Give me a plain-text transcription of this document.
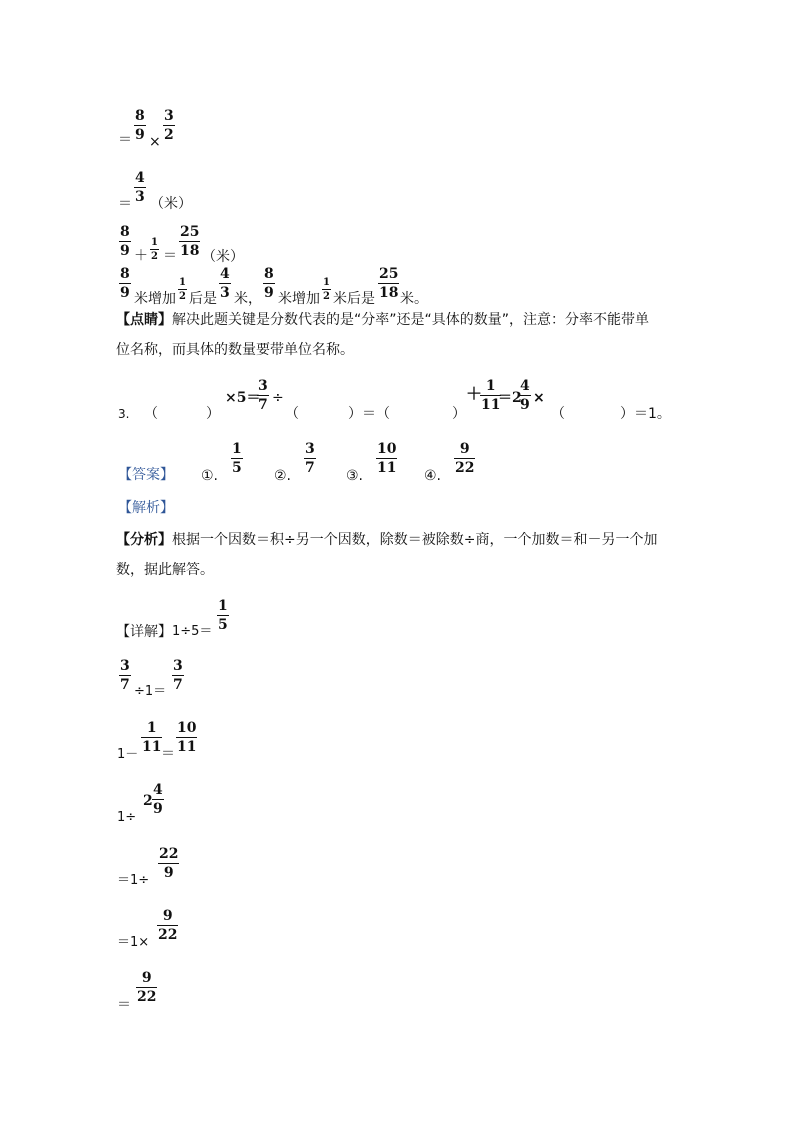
＝
8
9 ×
3
2
＝
4
3 （米）
8
9 ＋
1
2 ＝
25
18 （米）
8
9 米增加
1
2 后是
4
3 米，
8
9 米增加
1
2 米后是
25
18 米。
【点睛】解决此题关键是分数代表的是“分率”还是“具体的数量”，注意：分率不能带单
位名称，而具体的数量要带单位名称。
3. （	）
×5＝
3
7 ÷
（	）＝（	）
＋ 1
11
＝2
4
9 ×
（	）＝1。
【答案】 ①.
1
5 ②.
3
7 ③.
10
11 ④.
9
22
【解析】
【分析】根据一个因数＝积÷另一个因数，除数＝被除数÷商，一个加数＝和－另一个加
数，据此解答。
【详解】 1÷5＝
1
5
3
7 ÷1＝
3
7
1－
1
11 ＝
10
11
1÷
2
4
9
＝1÷
22
9
＝1×
9
22
＝
9
22
